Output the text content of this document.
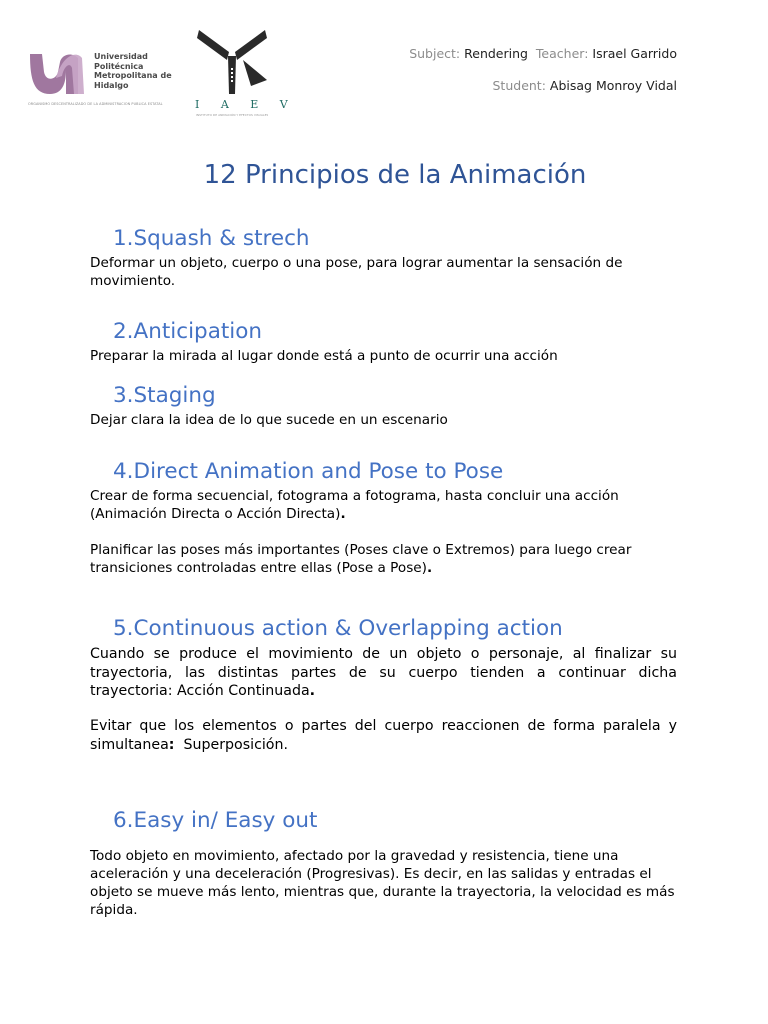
Universidad
Politécnica
Metropolitana de
Hidalgo
ORGANISMO DESCENTRALIZADO DE LA ADMINISTRACIÓN PÚBLICA ESTATAL	I A E V
INSTITUTO DE ANIMACIÓN Y EFECTOS VISUALES
Subject: Rendering Teacher: Israel Garrido
Student: Abisag Monroy Vidal
12 Principios de la Animación
1.Squash & strech
Deformar un objeto, cuerpo o una pose, para lograr aumentar la sensación de movimiento.
2.Anticipation
Preparar la mirada al lugar donde está a punto de ocurrir una acción
3.Staging
Dejar clara la idea de lo que sucede en un escenario
4.Direct Animation and Pose to Pose
Crear de forma secuencial, fotograma a fotograma, hasta concluir una acción (Animación Directa o Acción Directa).
Planificar las poses más importantes (Poses clave o Extremos) para luego crear transiciones controladas entre ellas (Pose a Pose).
5.Continuous action & Overlapping action
Cuando se produce el movimiento de un objeto o personaje, al finalizar su trayectoria, las distintas partes de su cuerpo tienden a continuar dicha trayectoria: Acción Continuada.
Evitar que los elementos o partes del cuerpo reaccionen de forma paralela y simultanea: Superposición.
6.Easy in/ Easy out
Todo objeto en movimiento, afectado por la gravedad y resistencia, tiene una aceleración y una deceleración (Progresivas). Es decir, en las salidas y entradas el objeto se mueve más lento, mientras que, durante la trayectoria, la velocidad es más rápida.
